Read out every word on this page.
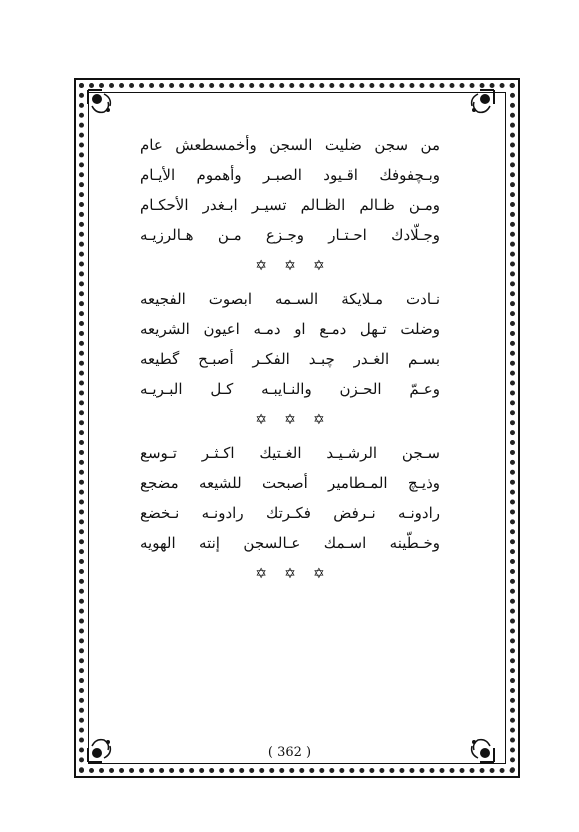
من سجن ضليت السجن وأخمسطعش عام
وبـچفوفك اقـيود الصبـر وأهموم الأيـام
ومـن ظـالم الظـالم تسيـر ابـغدر الأحكـام
وجـلّادك احـتـار وجـزع مـن هـالرزيـه
✡ ✡ ✡
نـادت مـلايكة السـمه ابصوت الفجيعه
وضلت تـهل دمـع او دمـه اعيون الشريعه
بسـم الغـدر چبـد الفكـر أصبـح گطيعه
وعـمّ الحـزن والنـايبـه كـل البـريـه
✡ ✡ ✡
سـجن الرشـيـد الغـتيك اكـثـر تـوسع
وذيـچ المـطامير أصبحت للشيعه مضجع
رادونـه نـرفض فكـرتك رادونـه نـخضع
وخـطّينه اسـمك عـالسجن إنته الهويه
✡ ✡ ✡
( 362 )
